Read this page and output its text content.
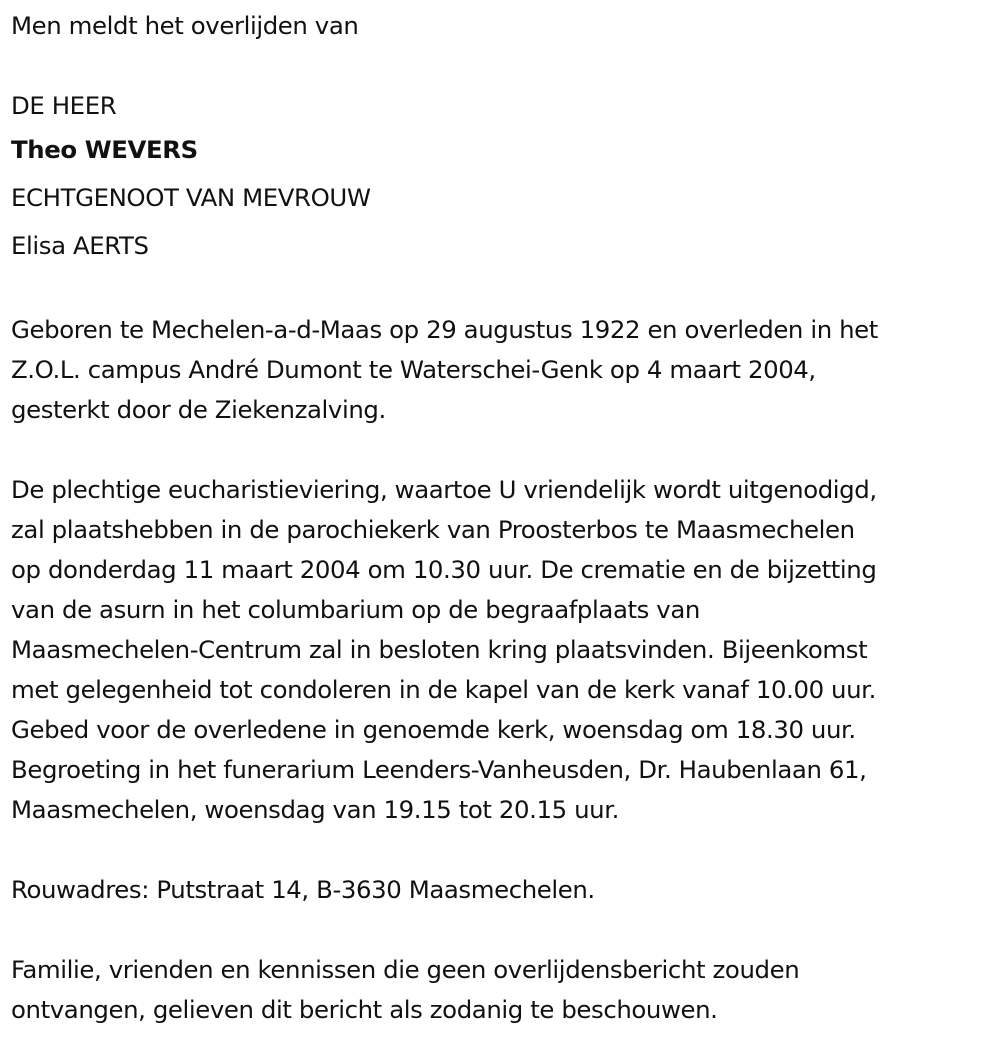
Men meldt het overlijden van

DE HEER

Theo WEVERS

ECHTGENOOT VAN MEVROUW

Elisa AERTS

Geboren te Mechelen-a-d-Maas op 29 augustus 1922 en overleden in het

Z.O.L. campus André Dumont te Waterschei-Genk op 4 maart 2004,

gesterkt door de Ziekenzalving.

De plechtige eucharistieviering, waartoe U vriendelijk wordt uitgenodigd,

zal plaatshebben in de parochiekerk van Proosterbos te Maasmechelen

op donderdag 11 maart 2004 om 10.30 uur. De crematie en de bijzetting

van de asurn in het columbarium op de begraafplaats van

Maasmechelen-Centrum zal in besloten kring plaatsvinden. Bijeenkomst

met gelegenheid tot condoleren in de kapel van de kerk vanaf 10.00 uur.

Gebed voor de overledene in genoemde kerk, woensdag om 18.30 uur.

Begroeting in het funerarium Leenders-Vanheusden, Dr. Haubenlaan 61,

Maasmechelen, woensdag van 19.15 tot 20.15 uur.

Rouwadres: Putstraat 14, B-3630 Maasmechelen.

Familie, vrienden en kennissen die geen overlijdensbericht zouden

ontvangen, gelieven dit bericht als zodanig te beschouwen.
